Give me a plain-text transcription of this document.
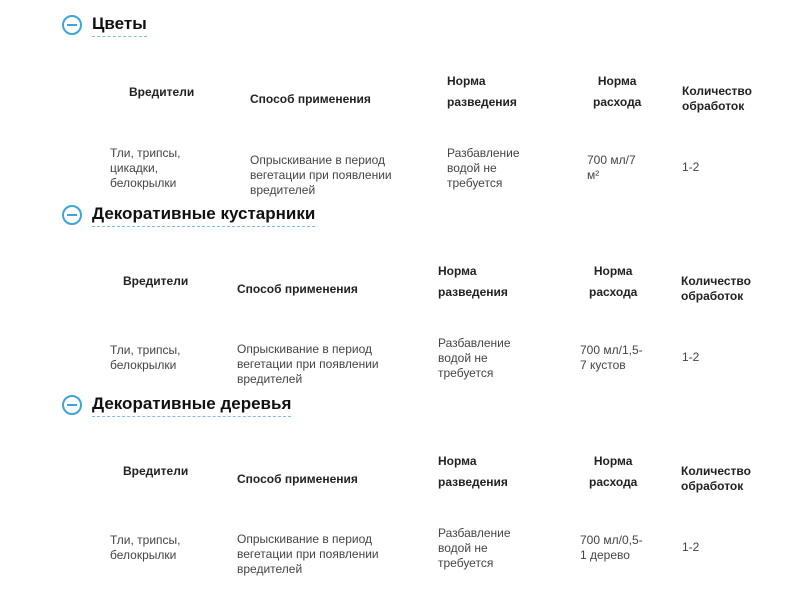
Цветы
Вредители	Способ применения
Норма
разведения
Норма
расхода
Количество
обработок
Тли, трипсы,
цикадки,
белокрылки
Опрыскивание в период
вегетации при появлении
вредителей
Разбавление
водой не
требуется
700 мл/7
м²
1-2
Декоративные кустарники
Вредители
Способ применения
Норма
разведения
Норма
расхода
Количество
обработок
Тли, трипсы,
белокрылки
Опрыскивание в период
вегетации при появлении
вредителей
Разбавление
водой не
требуется
700 мл/1,5-
7 кустов
1-2
Декоративные деревья
Вредители
Способ применения
Норма
разведения
Норма
расхода
Количество
обработок
Тли, трипсы,
белокрылки
Опрыскивание в период
вегетации при появлении
вредителей
Разбавление
водой не
требуется
700 мл/0,5-
1 дерево
1-2
